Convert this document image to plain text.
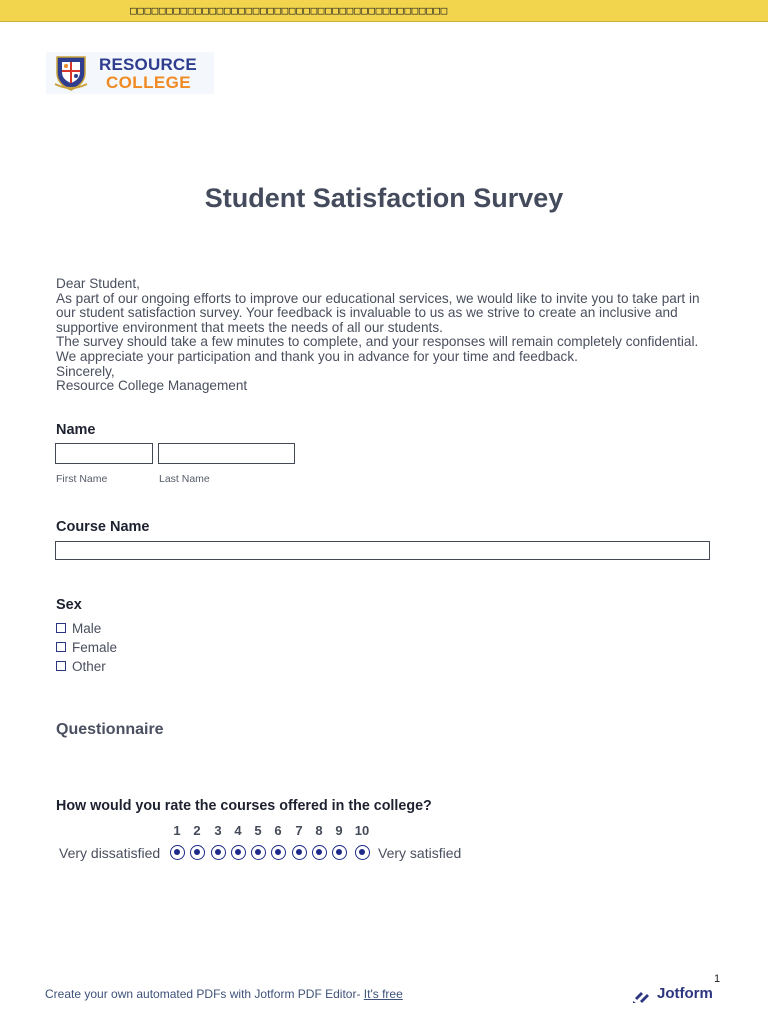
□□□□□□□□□□□□□□□□□□□□□□□□□□□□□□□□□□□□□□□□□□□□
RESOURCE
COLLEGE
Student Satisfaction Survey

Dear Student,

As part of our ongoing efforts to improve our educational services, we would like to invite you to take part in our student satisfaction survey. Your feedback is invaluable to us as we strive to create an inclusive and supportive environment that meets the needs of all our students.

The survey should take a few minutes to complete, and your responses will remain completely confidential. We appreciate your participation and thank you in advance for your time and feedback.

Sincerely,

Resource College Management

Name
First Name	Last Name
Course Name
Sex
Male
Female
Other
Questionnaire
How would you rate the courses offered in the college?
1 2	3 4 5 6	7 8 9 10
Very dissatisfied	Very satisfied
1
Create your own automated PDFs with Jotform PDF Editor- It's free	Jotform
